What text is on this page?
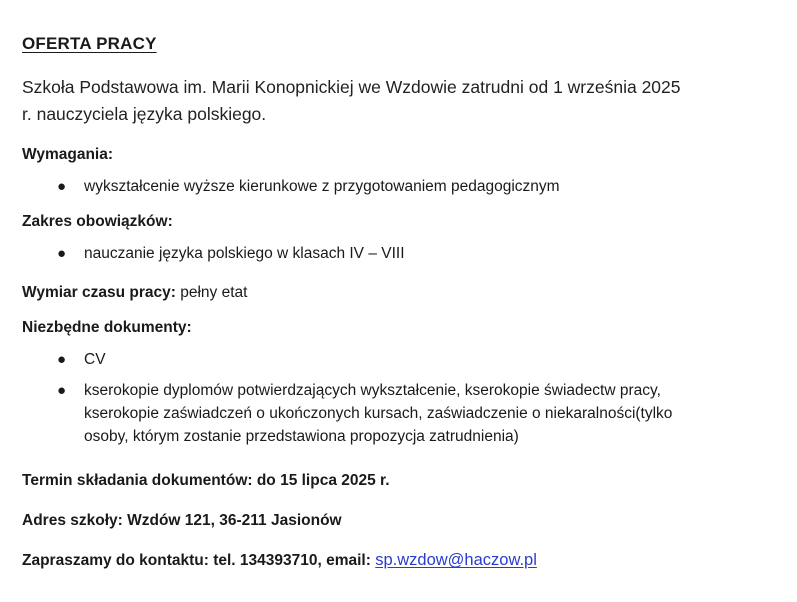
OFERTA PRACY
Szkoła Podstawowa im. Marii Konopnickiej we Wzdowie zatrudni od 1 września 2025
r. nauczyciela języka polskiego.
Wymagania:
● wykształcenie wyższe kierunkowe z przygotowaniem pedagogicznym
Zakres obowiązków:
● nauczanie języka polskiego w klasach IV – VIII
Wymiar czasu pracy: pełny etat
Niezbędne dokumenty:
● CV
● kserokopie dyplomów potwierdzających wykształcenie, kserokopie świadectw pracy,
kserokopie zaświadczeń o ukończonych kursach, zaświadczenie o niekaralności(tylko
osoby, którym zostanie przedstawiona propozycja zatrudnienia)
Termin składania dokumentów: do 15 lipca 2025 r.
Adres szkoły: Wzdów 121, 36-211 Jasionów
Zapraszamy do kontaktu: tel. 134393710, email: sp.wzdow@haczow.pl
